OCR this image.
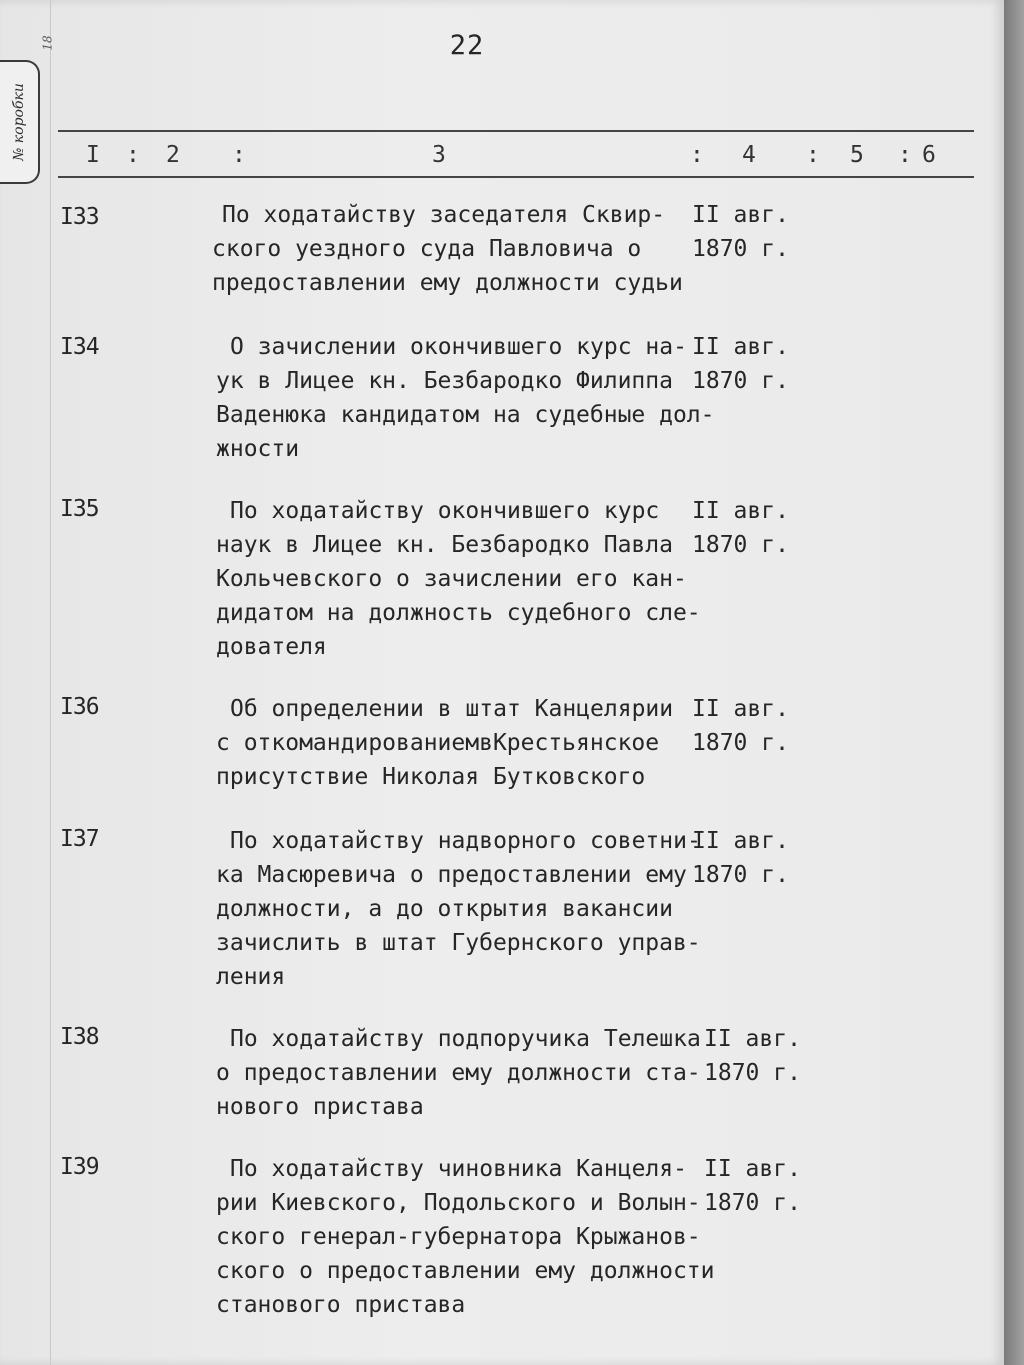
№ коробки
18	22
I : 2 :	3	: 4 : 5 : 6
I33	По ходатайству заседателя Сквир-
ского уездного суда Павловича о
предоставлении ему должности судьи
II авг.
1870 г.
I34	О зачислении окончившего курс на-
ук в Лицее кн. Безбародко Филиппа
Ваденюка кандидатом на судебные дол-
жности
II авг.
1870 г.
I35	По ходатайству окончившего курс
наук в Лицее кн. Безбародко Павла
Кольчевского о зачислении его кан-
дидатом на должность судебного сле-
дователя
II авг.
1870 г.
I36	Об определении в штат Канцелярии
с откомандированиемвКрестьянское
присутствие Николая Бутковского
II авг.
1870 г.
I37	По ходатайству надворного советни-
ка Масюревича о предоставлении ему
должности, а до открытия вакансии
зачислить в штат Губернского управ-
ления
II авг.
1870 г.
I38	По ходатайству подпоручика Телешка
о предоставлении ему должности ста-
нового пристава
II авг.
1870 г.
I39	По ходатайству чиновника Канцеля-
рии Киевского, Подольского и Волын-
ского генерал-губернатора Крыжанов-
ского о предоставлении ему должности
станового пристава
II авг.
1870 г.
